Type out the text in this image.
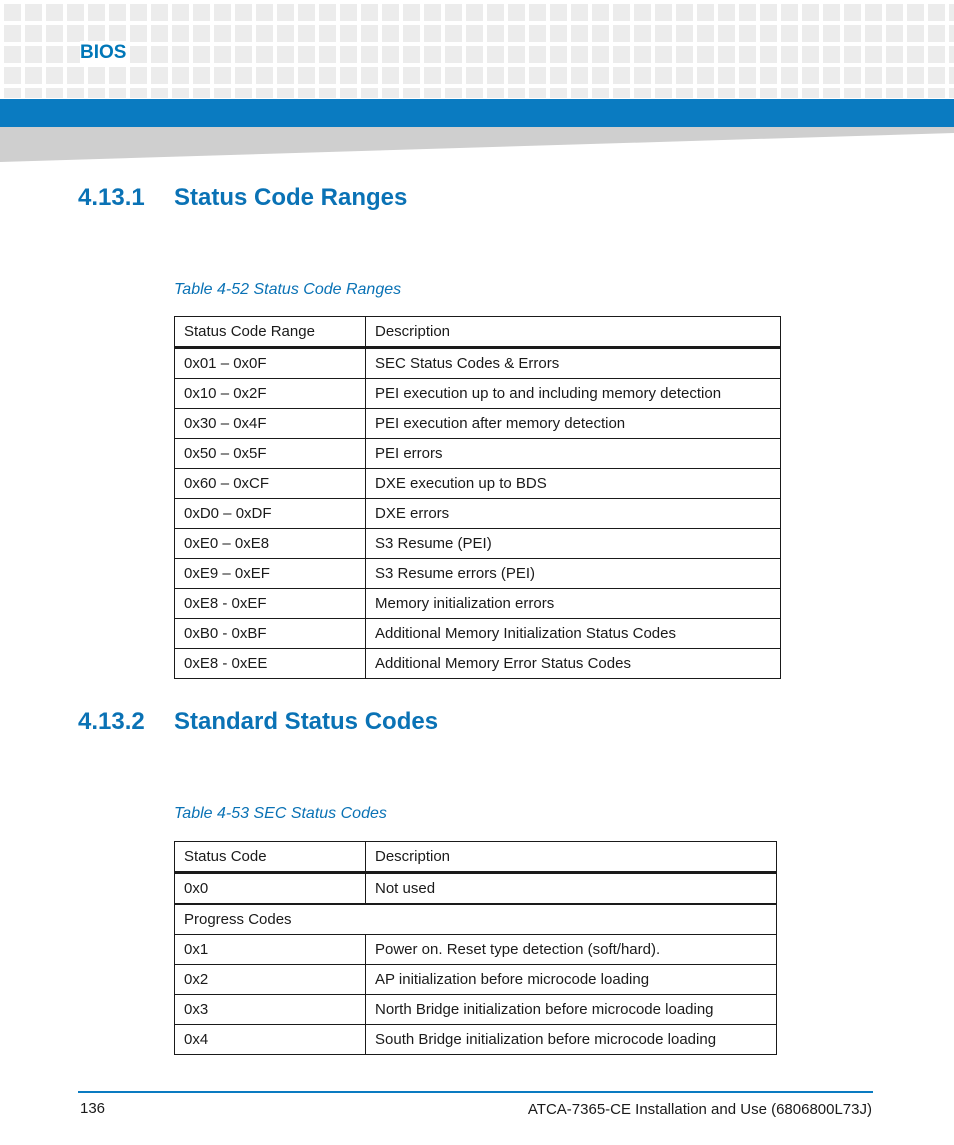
BIOS
4.13.1 Status Code Ranges
Table 4-52 Status Code Ranges
Status Code Range	Description
0x01 – 0x0F	SEC Status Codes & Errors
0x10 – 0x2F	PEI execution up to and including memory detection
0x30 – 0x4F	PEI execution after memory detection
0x50 – 0x5F	PEI errors
0x60 – 0xCF	DXE execution up to BDS
0xD0 – 0xDF	DXE errors
0xE0 – 0xE8	S3 Resume (PEI)
0xE9 – 0xEF	S3 Resume errors (PEI)
0xE8 - 0xEF	Memory initialization errors
0xB0 - 0xBF	Additional Memory Initialization Status Codes
0xE8 - 0xEE	Additional Memory Error Status Codes
4.13.2 Standard Status Codes
Table 4-53 SEC Status Codes
Status Code	Description
0x0	Not used
Progress Codes	
0x1	Power on. Reset type detection (soft/hard).
0x2	AP initialization before microcode loading
0x3	North Bridge initialization before microcode loading
0x4	South Bridge initialization before microcode loading
136	ATCA-7365-CE Installation and Use (6806800L73J)
